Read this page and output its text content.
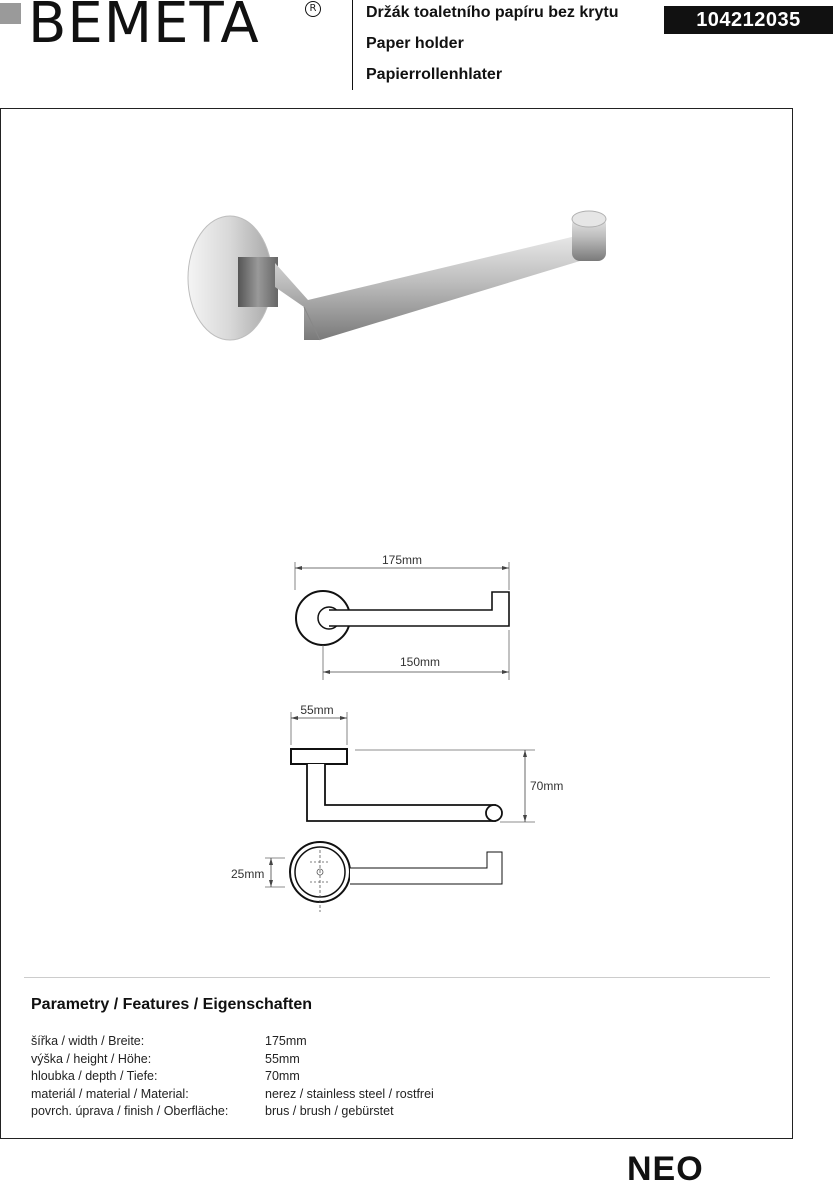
BEMETA	R	Držák toaletního papíru bez krytu
Paper holder
Papierrollenhlater
104212035
175mm
150mm
55mm
70mm
25mm
Parametry / Features / Eigenschaften
šířka / width / Breite:	175mm
výška / height / Höhe:	55mm
hloubka / depth / Tiefe:	70mm
materiál / material / Material:	nerez / stainless steel / rostfrei
povrch. úprava / finish / Oberfläche:	brus / brush / gebürstet
NEO
